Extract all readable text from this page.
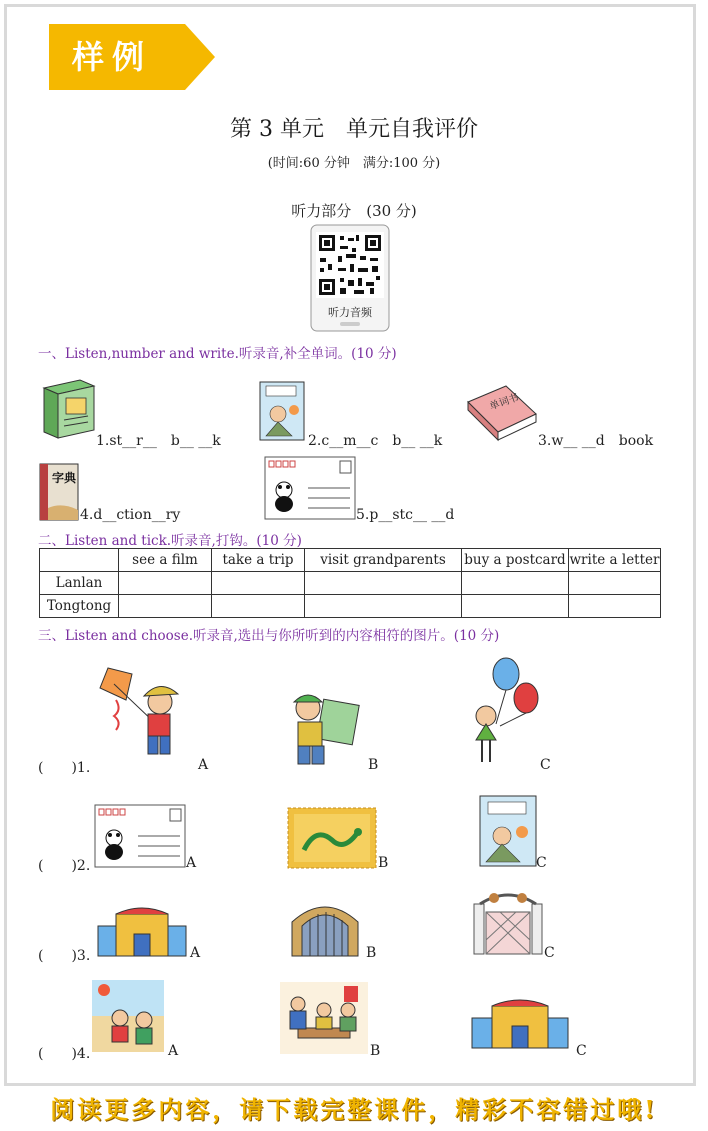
样例
第 3 单元　单元自我评价
(时间:60 分钟　满分:100 分)
听力部分　(30 分)
听力音频
一、Listen,number and write.听录音,补全单词。(10 分)
1.st__r__　b__ __k	2.c__m__c　b__ __k
单词书
3.w__ __d　book
字典
4.d__ction__ry	5.p__stc__ __d
二、Listen and tick.听录音,打钩。(10 分)
	see a film	take a trip	visit grandparents	buy a postcard	write a letter
Lanlan					
Tongtong					
三、Listen and choose.听录音,选出与你所听到的内容相符的图片。(10 分)
(　　)1.	A	B	C
(　　)2.	A	B	C
(　　)3.	A	B	C
(　　)4.	A	B	C
阅读更多内容，请下载完整课件，精彩不容错过哦!
